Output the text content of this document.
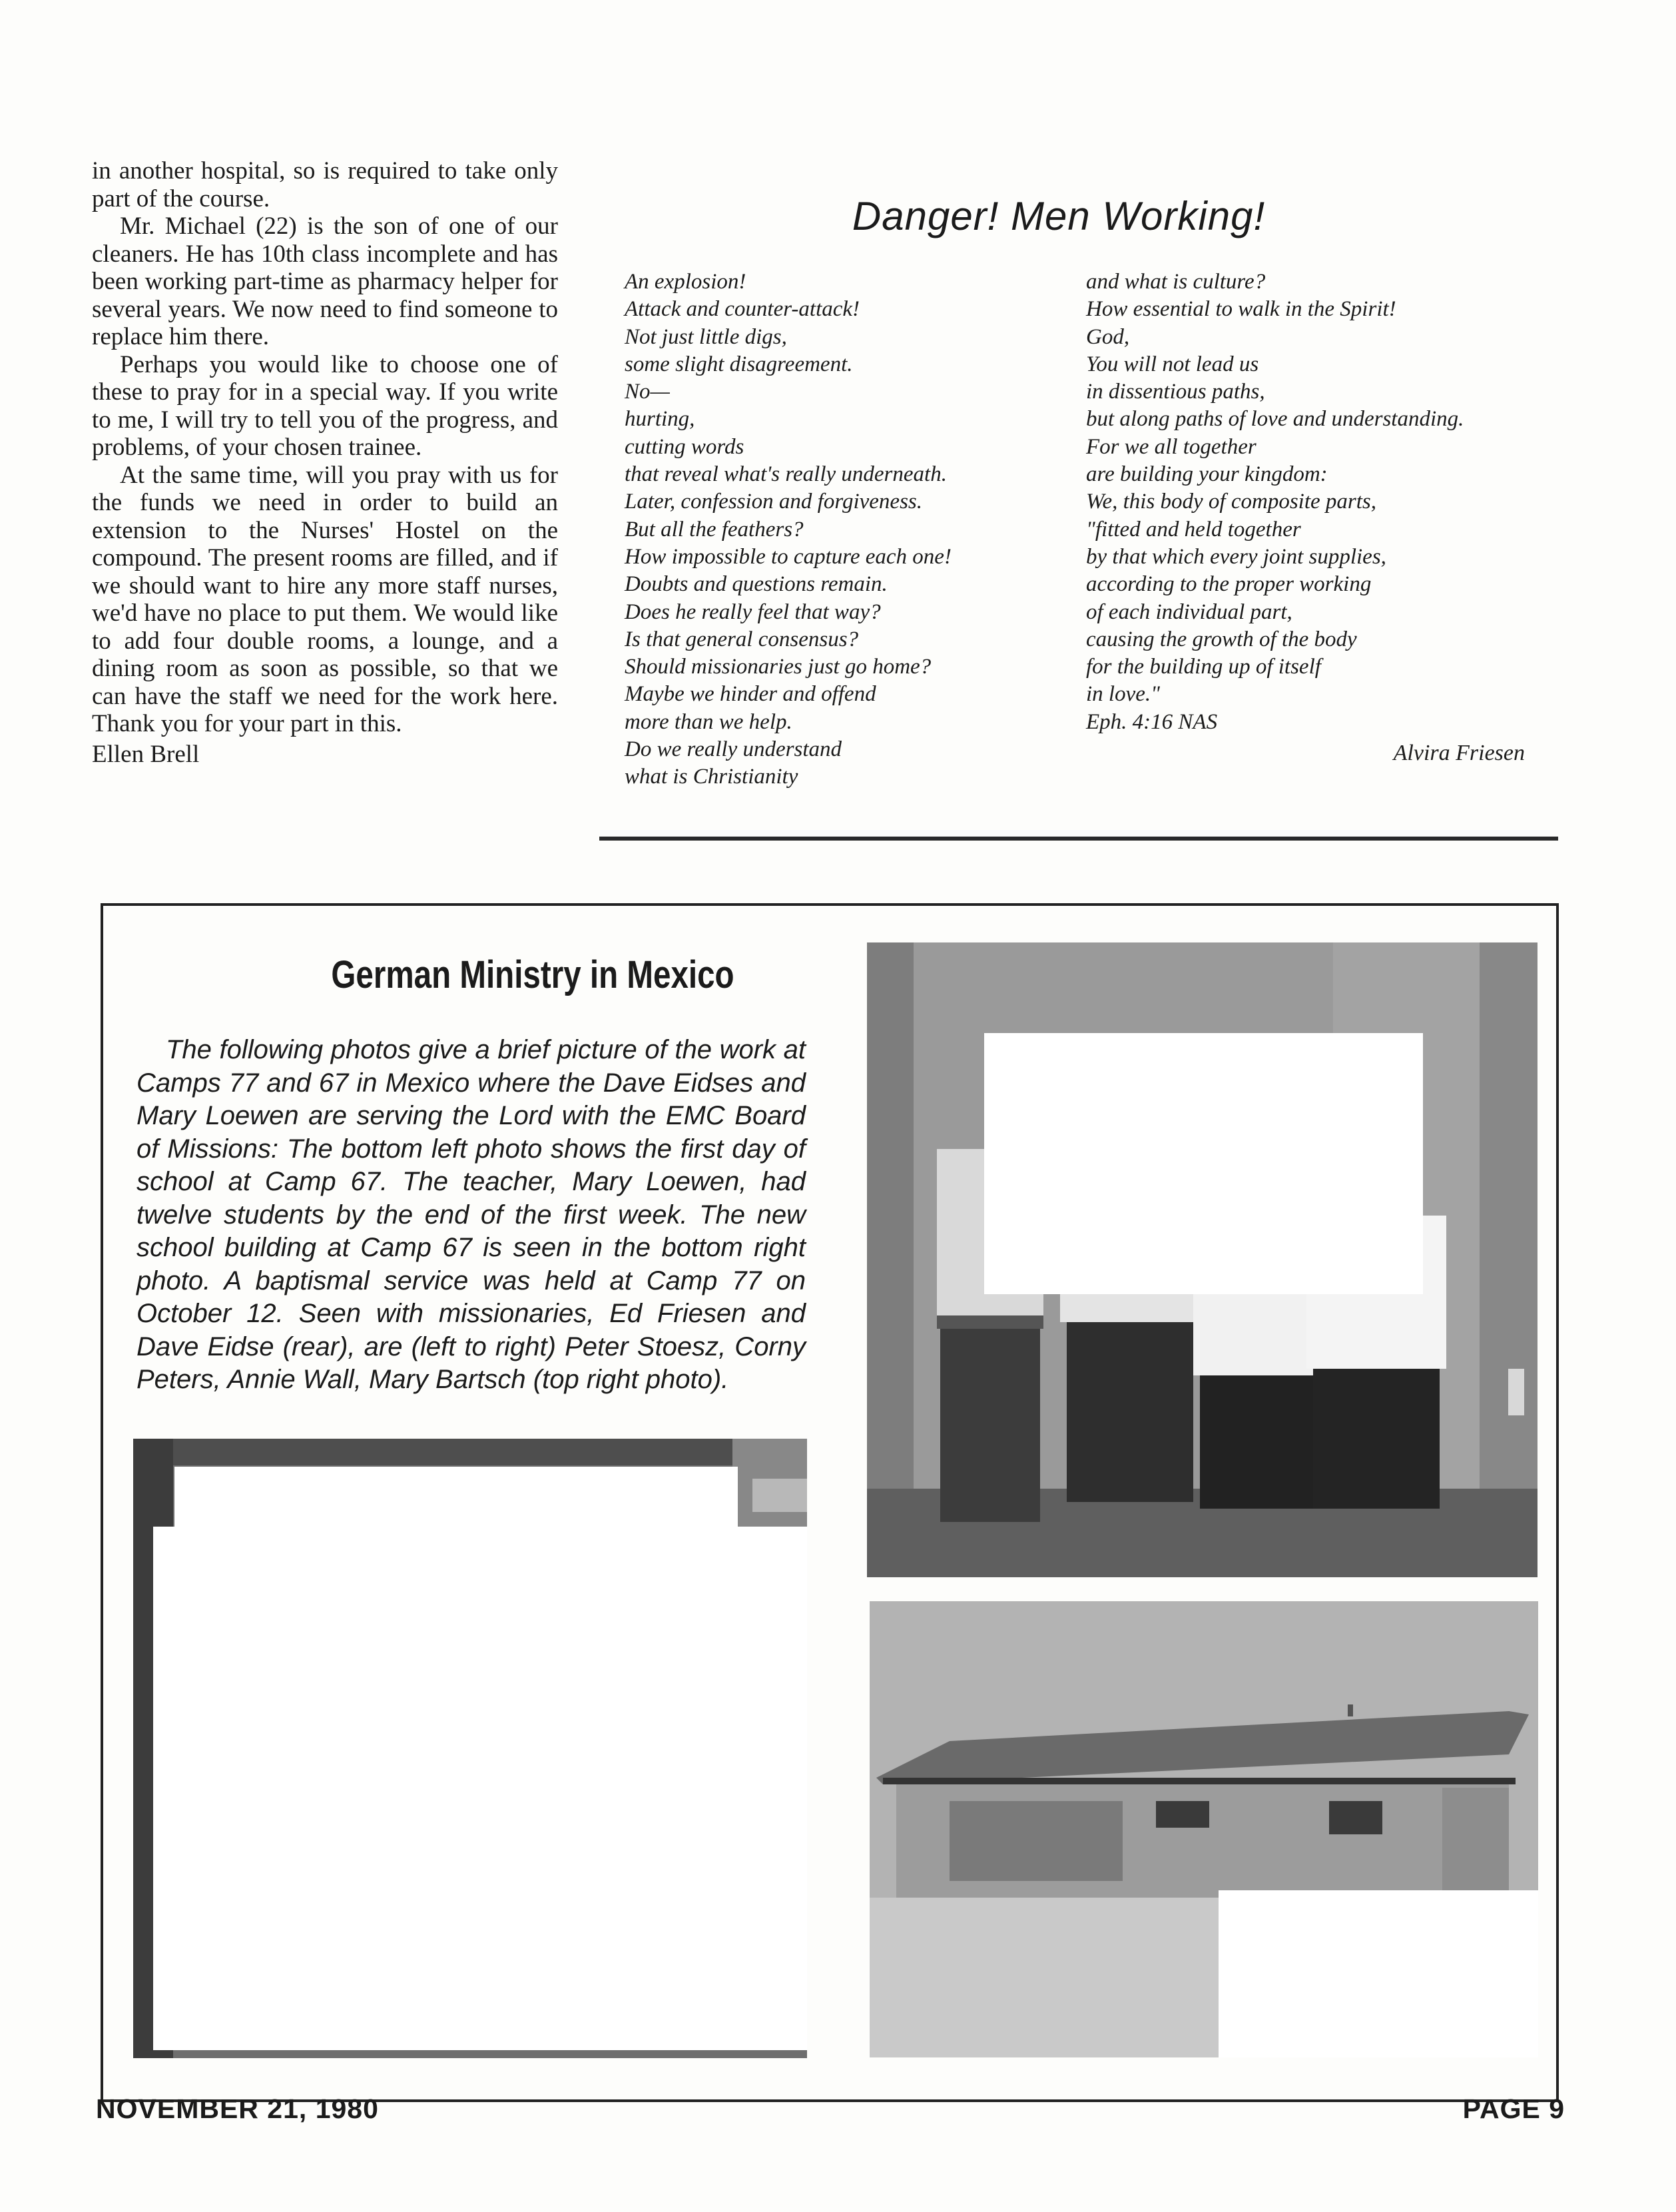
in another hospital, so is required to take only part of the course.

Mr. Michael (22) is the son of one of our cleaners. He has 10th class incomplete and has been working part-time as pharmacy helper for several years. We now need to find someone to replace him there.

Perhaps you would like to choose one of these to pray for in a special way. If you write to me, I will try to tell you of the progress, and problems, of your chosen trainee.

At the same time, will you pray with us for the funds we need in order to build an extension to the Nurses' Hostel on the compound. The present rooms are filled, and if we should want to hire any more staff nurses, we'd have no place to put them. We would like to add four double rooms, a lounge, and a dining room as soon as possible, so that we can have the staff we need for the work here. Thank you for your part in this.

Ellen Brell

Danger! Men Working!
An explosion!
Attack and counter-attack!
Not just little digs,
some slight disagreement.
No—
hurting,
cutting words
that reveal what's really underneath.
Later, confession and forgiveness.
But all the feathers?
How impossible to capture each one!
Doubts and questions remain.
Does he really feel that way?
Is that general consensus?
Should missionaries just go home?
Maybe we hinder and offend
more than we help.
Do we really understand
what is Christianity
and what is culture?
How essential to walk in the Spirit!
God,
You will not lead us
in dissentious paths,
but along paths of love and understanding.
For we all together
are building your kingdom:
We, this body of composite parts,
"fitted and held together
by that which every joint supplies,
according to the proper working
of each individual part,
causing the growth of the body
for the building up of itself
in love."
Eph. 4:16 NAS
Alvira Friesen
German Ministry in Mexico
The following photos give a brief picture of the work at Camps 77 and 67 in Mexico where the Dave Eidses and Mary Loewen are serving the Lord with the EMC Board of Missions: The bottom left photo shows the first day of school at Camp 67. The teacher, Mary Loewen, had twelve students by the end of the first week. The new school building at Camp 67 is seen in the bottom right photo. A baptismal service was held at Camp 77 on October 12. Seen with missionaries, Ed Friesen and Dave Eidse (rear), are (left to right) Peter Stoesz, Corny Peters, Annie Wall, Mary Bartsch (top right photo).
NOVEMBER 21, 1980	PAGE 9
